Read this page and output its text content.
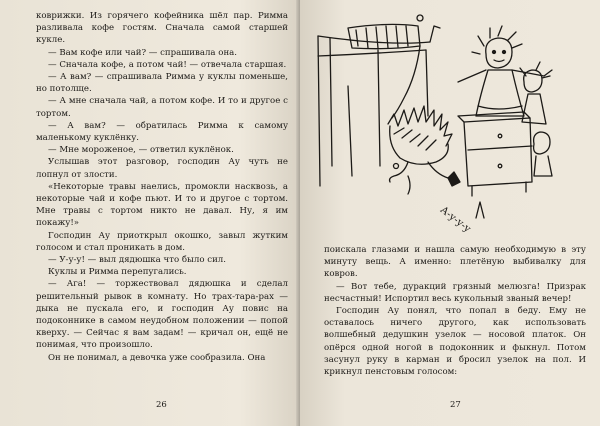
коврижки. Из горячего кофейника шёл пар. Римма разливала кофе гостям. Сначала самой старшей кукле.

— Вам кофе или чай? — спрашивала она.

— Сначала кофе, а потом чай! — отвечала старшая.

— А вам? — спрашивала Римма у куклы поменьше, но потолще.

— А мне сначала чай, а потом кофе. И то и другое с тортом.

— А вам? — обратилась Римма к самому маленькому куклёнку.

— Мне мороженое, — ответил куклёнок.

Услышав этот разговор, господин Ау чуть не лопнул от злости.

«Некоторые травы наелись, промокли насквозь, а некоторые чай и кофе пьют. И то и другое с тортом. Мне травы с тортом никто не давал. Ну, я им покажу!»

Господин Ау приоткрыл окошко, завыл жутким голосом и стал проникать в дом.

— У-у-у! — выл дядюшка что было сил.

Куклы и Римма перепугались.

— Ага! — торжествовал дядюшка и сделал решительный рывок в комнату. Но трах-тара-рах — дыка не пускала его, и господин Ау повис на подоконнике в самом неудобном положении — попой кверху. — Сейчас я вам задам! — кричал он, ещё не понимая, что произошло.

Он не понимал, а девочка уже сообразила. Она

26
А-у-у-у

поискала глазами и нашла самую необходимую в эту минуту вещь. А именно: плетёную выбивалку для ковров.

— Вот тебе, дуракций грязный мелюзга! Призрак несчастный! Испортил весь кукольный званый вечер!

Господин Ау понял, что попал в беду. Ему не оставалось ничего другого, как использовать волшебный дедушкин узелок — носовой платок. Он опёрся одной ногой в подоконник и фыкнул. Потом засунул руку в карман и бросил узелок на пол. И крикнул пенстовым голосом:

27
